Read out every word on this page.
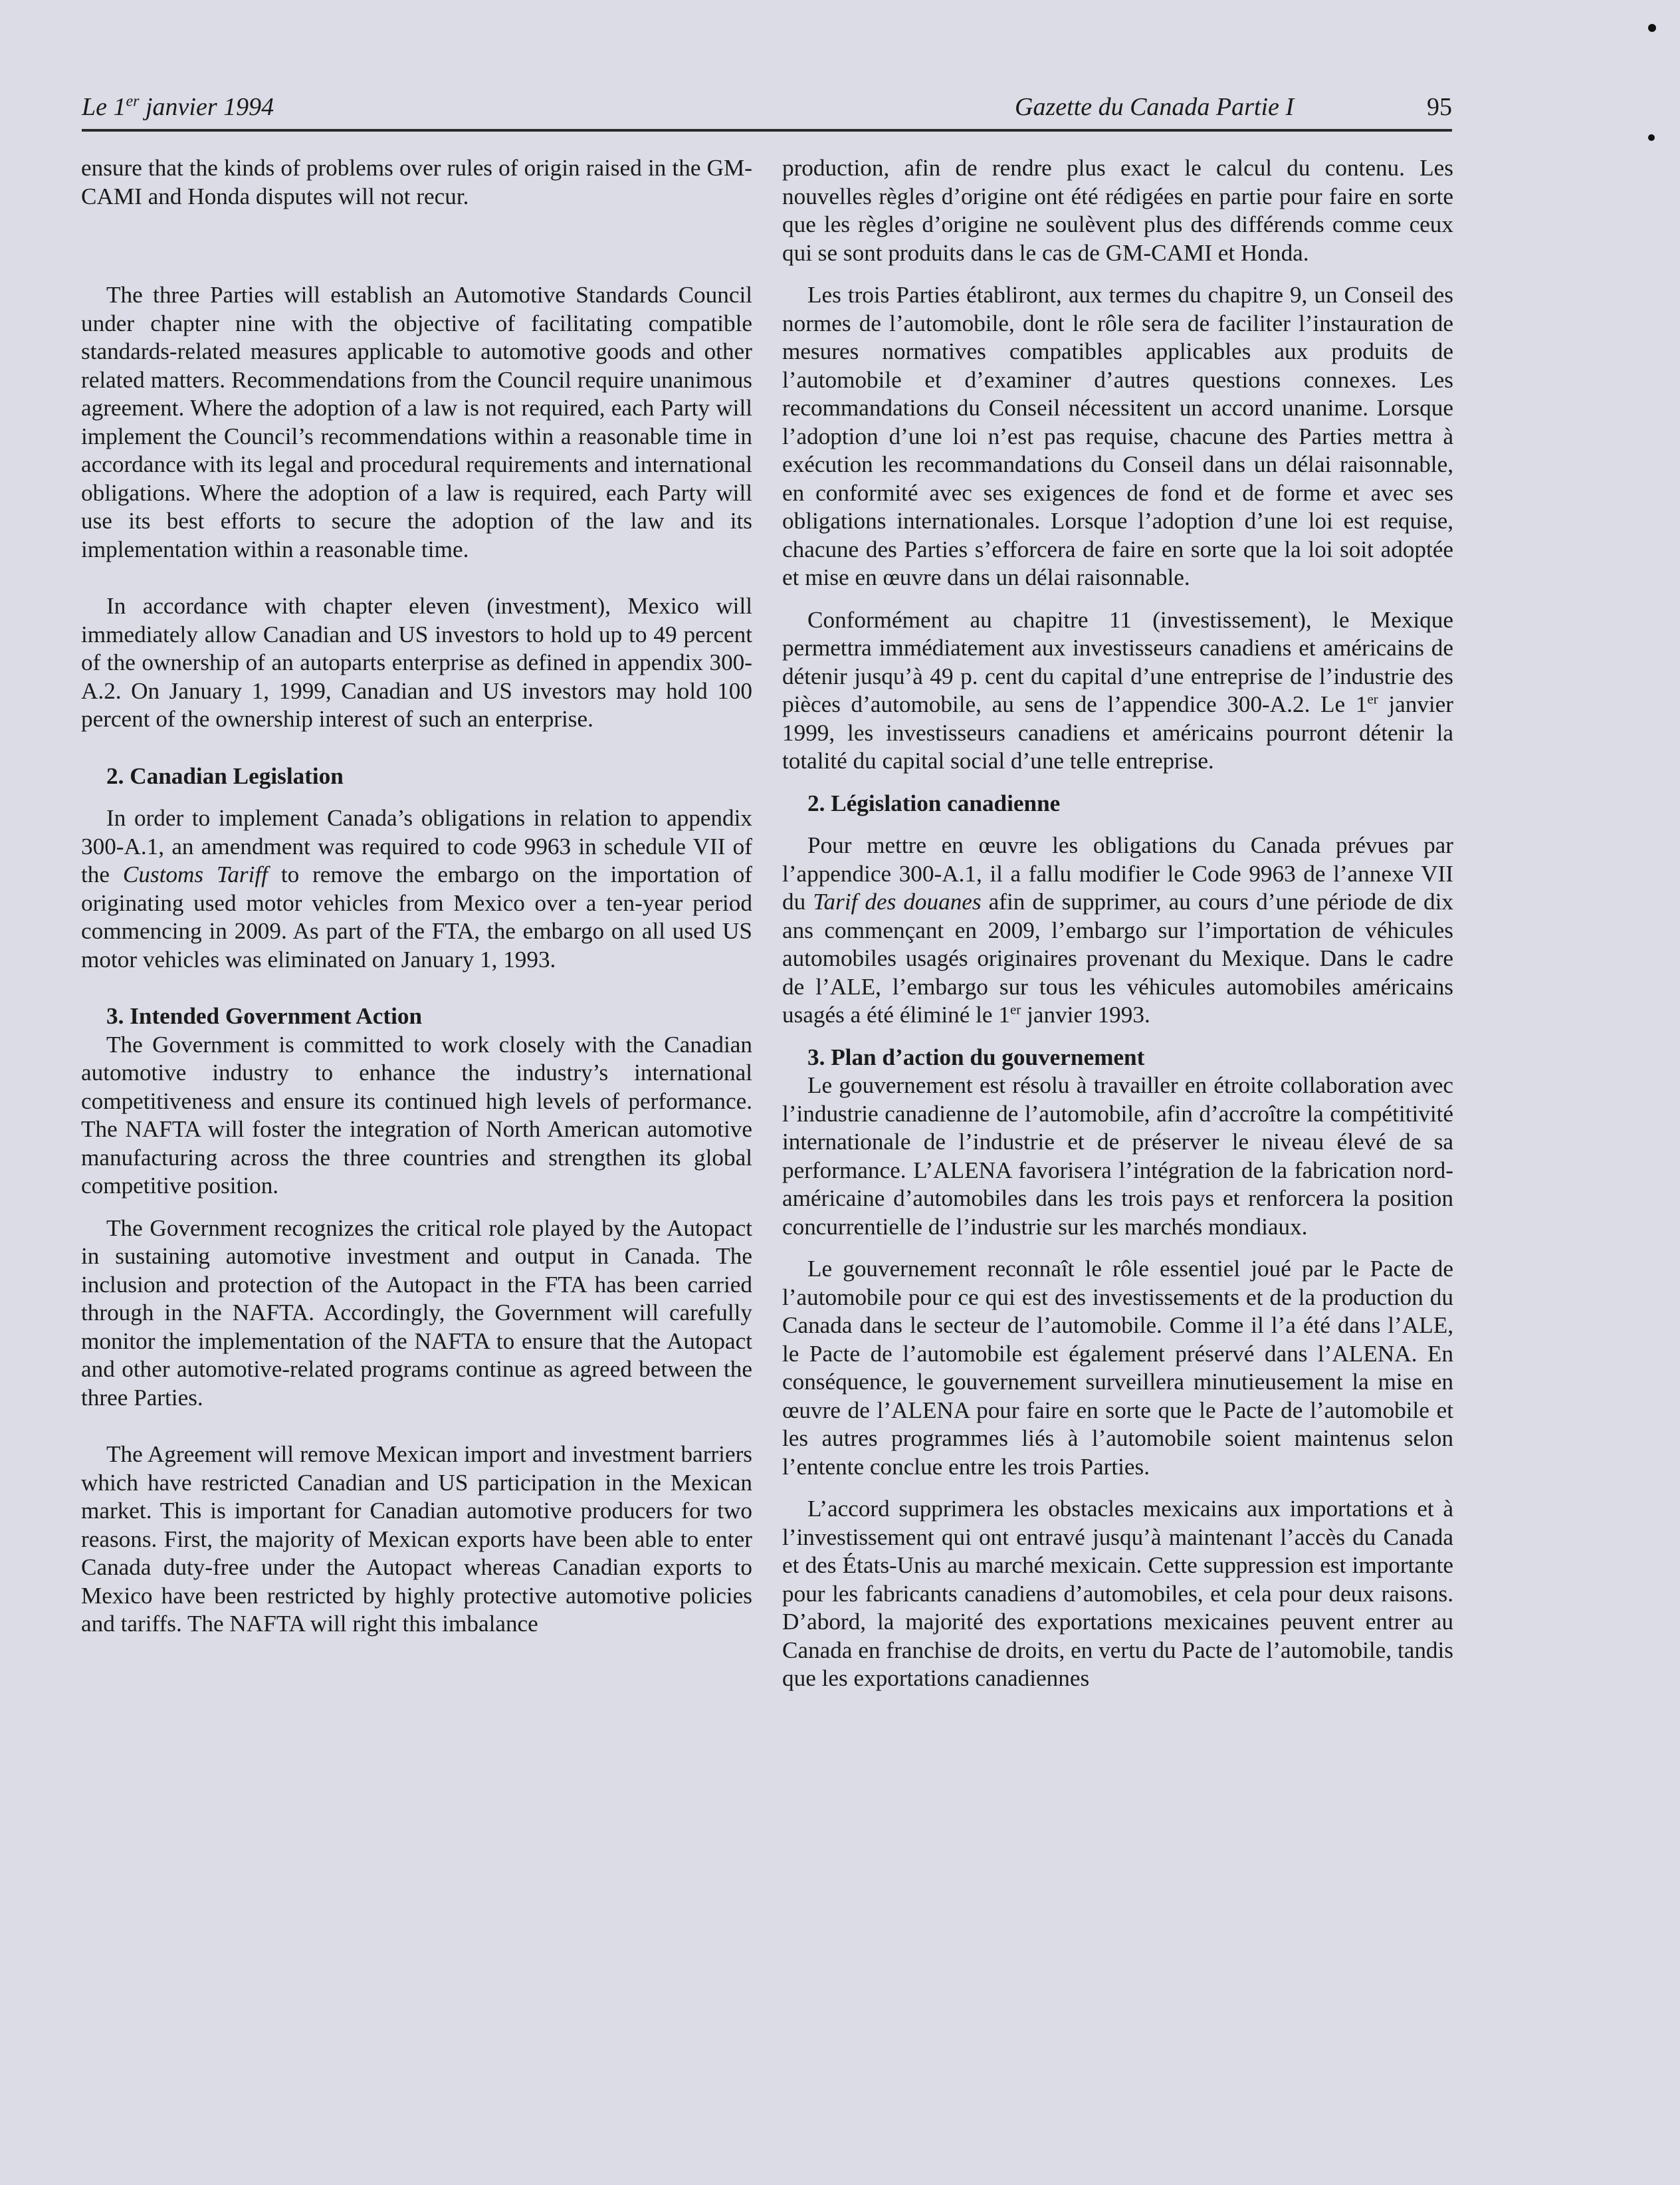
Le 1er janvier 1994	Gazette du Canada Partie I	95

ensure that the kinds of problems over rules of origin raised in the GM-CAMI and Honda disputes will not recur.

The three Parties will establish an Automotive Standards Council under chapter nine with the objective of facilitating compatible standards-related measures applicable to automotive goods and other related matters. Recommendations from the Council require unanimous agreement. Where the adoption of a law is not required, each Party will implement the Council’s recommendations within a reasonable time in accordance with its legal and procedural requirements and international obligations. Where the adoption of a law is required, each Party will use its best efforts to secure the adoption of the law and its implementation within a reasonable time.

In accordance with chapter eleven (investment), Mexico will immediately allow Canadian and US investors to hold up to 49 percent of the ownership of an autoparts enterprise as defined in appendix 300-A.2. On January 1, 1999, Canadian and US investors may hold 100 percent of the ownership interest of such an enterprise.

2. Canadian Legislation

In order to implement Canada’s obligations in relation to appendix 300-A.1, an amendment was required to code 9963 in schedule VII of the Customs Tariff to remove the embargo on the importation of originating used motor vehicles from Mexico over a ten-year period commencing in 2009. As part of the FTA, the embargo on all used US motor vehicles was eliminated on January 1, 1993.

3. Intended Government Action

The Government is committed to work closely with the Canadian automotive industry to enhance the industry’s international competitiveness and ensure its continued high levels of performance. The NAFTA will foster the integration of North American automotive manufacturing across the three countries and strengthen its global competitive position.

The Government recognizes the critical role played by the Autopact in sustaining automotive investment and output in Canada. The inclusion and protection of the Autopact in the FTA has been carried through in the NAFTA. Accordingly, the Government will carefully monitor the implementation of the NAFTA to ensure that the Autopact and other automotive-related programs continue as agreed between the three Parties.

The Agreement will remove Mexican import and investment barriers which have restricted Canadian and US participation in the Mexican market. This is important for Canadian automotive producers for two reasons. First, the majority of Mexican exports have been able to enter Canada duty-free under the Autopact whereas Canadian exports to Mexico have been restricted by highly protective automotive policies and tariffs. The NAFTA will right this imbalance

production, afin de rendre plus exact le calcul du contenu. Les nouvelles règles d’origine ont été rédigées en partie pour faire en sorte que les règles d’origine ne soulèvent plus des différends comme ceux qui se sont produits dans le cas de GM-CAMI et Honda.

Les trois Parties établiront, aux termes du chapitre 9, un Conseil des normes de l’automobile, dont le rôle sera de faciliter l’instauration de mesures normatives compatibles applicables aux produits de l’automobile et d’examiner d’autres questions connexes. Les recommandations du Conseil nécessitent un accord unanime. Lorsque l’adoption d’une loi n’est pas requise, chacune des Parties mettra à exécution les recommandations du Conseil dans un délai raisonnable, en conformité avec ses exigences de fond et de forme et avec ses obligations internationales. Lorsque l’adoption d’une loi est requise, chacune des Parties s’efforcera de faire en sorte que la loi soit adoptée et mise en œuvre dans un délai raisonnable.

Conformément au chapitre 11 (investissement), le Mexique permettra immédiatement aux investisseurs canadiens et américains de détenir jusqu’à 49 p. cent du capital d’une entreprise de l’industrie des pièces d’automobile, au sens de l’appendice 300-A.2. Le 1er janvier 1999, les investisseurs canadiens et américains pourront détenir la totalité du capital social d’une telle entreprise.

2. Législation canadienne

Pour mettre en œuvre les obligations du Canada prévues par l’appendice 300-A.1, il a fallu modifier le Code 9963 de l’annexe VII du Tarif des douanes afin de supprimer, au cours d’une période de dix ans commençant en 2009, l’embargo sur l’importation de véhicules automobiles usagés originaires provenant du Mexique. Dans le cadre de l’ALE, l’embargo sur tous les véhicules automobiles américains usagés a été éliminé le 1er janvier 1993.

3. Plan d’action du gouvernement

Le gouvernement est résolu à travailler en étroite collaboration avec l’industrie canadienne de l’automobile, afin d’accroître la compétitivité internationale de l’industrie et de préserver le niveau élevé de sa performance. L’ALENA favorisera l’intégration de la fabrication nord-américaine d’automobiles dans les trois pays et renforcera la position concurrentielle de l’industrie sur les marchés mondiaux.

Le gouvernement reconnaît le rôle essentiel joué par le Pacte de l’automobile pour ce qui est des investissements et de la production du Canada dans le secteur de l’automobile. Comme il l’a été dans l’ALE, le Pacte de l’automobile est également préservé dans l’ALENA. En conséquence, le gouvernement surveillera minutieusement la mise en œuvre de l’ALENA pour faire en sorte que le Pacte de l’automobile et les autres programmes liés à l’automobile soient maintenus selon l’entente conclue entre les trois Parties.

L’accord supprimera les obstacles mexicains aux importations et à l’investissement qui ont entravé jusqu’à maintenant l’accès du Canada et des États-Unis au marché mexicain. Cette suppression est importante pour les fabricants canadiens d’automobiles, et cela pour deux raisons. D’abord, la majorité des exportations mexicaines peuvent entrer au Canada en franchise de droits, en vertu du Pacte de l’automobile, tandis que les exportations canadiennes
